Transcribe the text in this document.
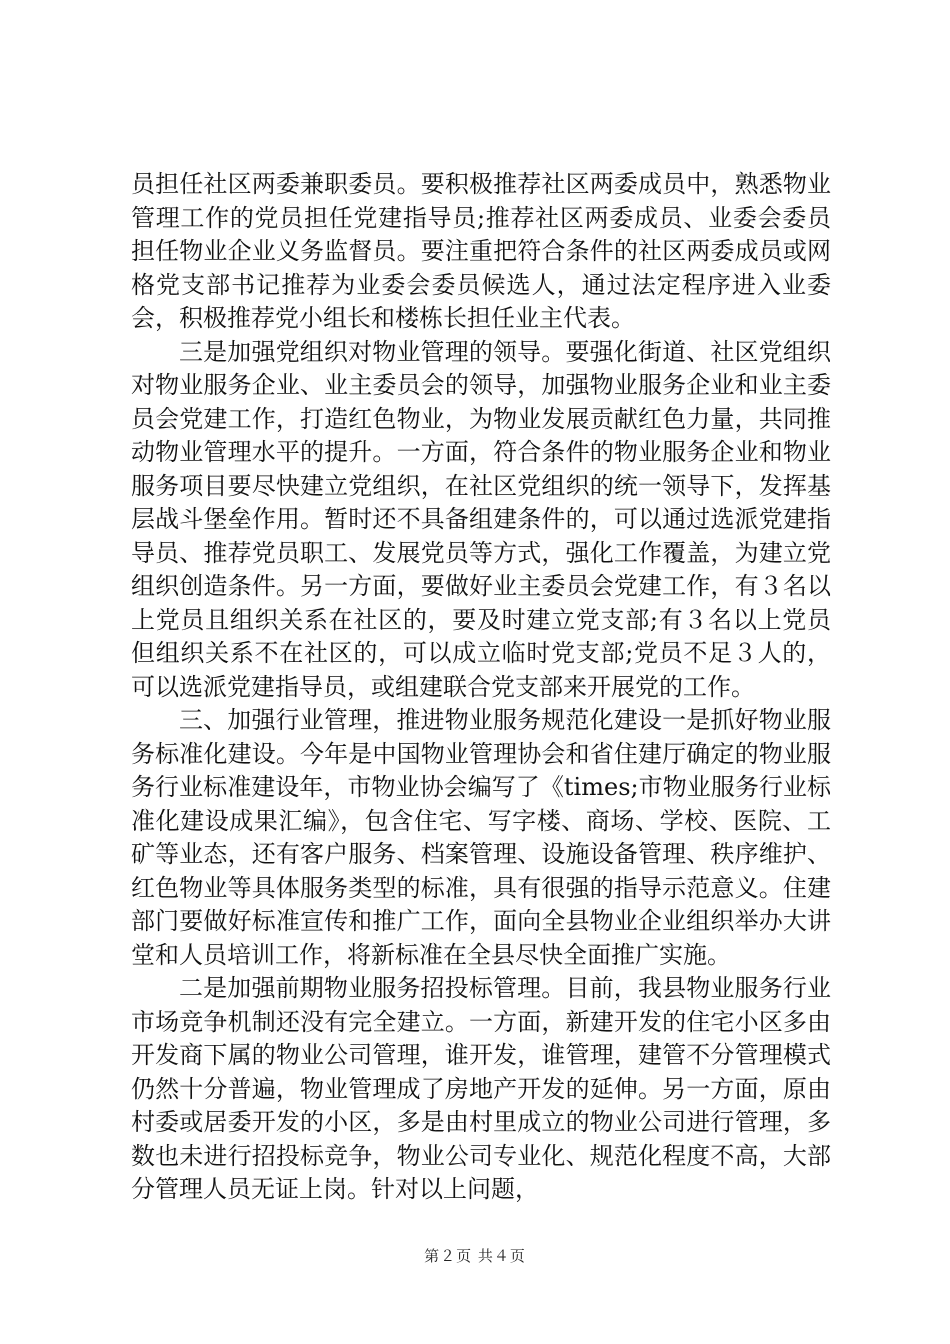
员担任社区两委兼职委员。要积极推荐社区两委成员中，熟悉物业管理工作的党员担任党建指导员;推荐社区两委成员、业委会委员担任物业企业义务监督员。要注重把符合条件的社区两委成员或网格党支部书记推荐为业委会委员候选人，通过法定程序进入业委会，积极推荐党小组长和楼栋长担任业主代表。

三是加强党组织对物业管理的领导。要强化街道、社区党组织对物业服务企业、业主委员会的领导，加强物业服务企业和业主委员会党建工作，打造红色物业，为物业发展贡献红色力量，共同推动物业管理水平的提升。一方面，符合条件的物业服务企业和物业服务项目要尽快建立党组织，在社区党组织的统一领导下，发挥基层战斗堡垒作用。暂时还不具备组建条件的，可以通过选派党建指导员、推荐党员职工、发展党员等方式，强化工作覆盖，为建立党组织创造条件。另一方面，要做好业主委员会党建工作，有３名以上党员且组织关系在社区的，要及时建立党支部;有３名以上党员但组织关系不在社区的，可以成立临时党支部;党员不足３人的，可以选派党建指导员，或组建联合党支部来开展党的工作。

三、加强行业管理，推进物业服务规范化建设一是抓好物业服务标准化建设。今年是中国物业管理协会和省住建厅确定的物业服务行业标准建设年，市物业协会编写了《times;市物业服务行业标准化建设成果汇编》，包含住宅、写字楼、商场、学校、医院、工矿等业态，还有客户服务、档案管理、设施设备管理、秩序维护、红色物业等具体服务类型的标准，具有很强的指导示范意义。住建部门要做好标准宣传和推广工作，面向全县物业企业组织举办大讲堂和人员培训工作，将新标准在全县尽快全面推广实施。

二是加强前期物业服务招投标管理。目前，我县物业服务行业市场竞争机制还没有完全建立。一方面，新建开发的住宅小区多由开发商下属的物业公司管理，谁开发，谁管理，建管不分管理模式仍然十分普遍，物业管理成了房地产开发的延伸。另一方面，原由村委或居委开发的小区，多是由村里成立的物业公司进行管理，多数也未进行招投标竞争，物业公司专业化、规范化程度不高，大部分管理人员无证上岗。针对以上问题，

第２页 共４页
